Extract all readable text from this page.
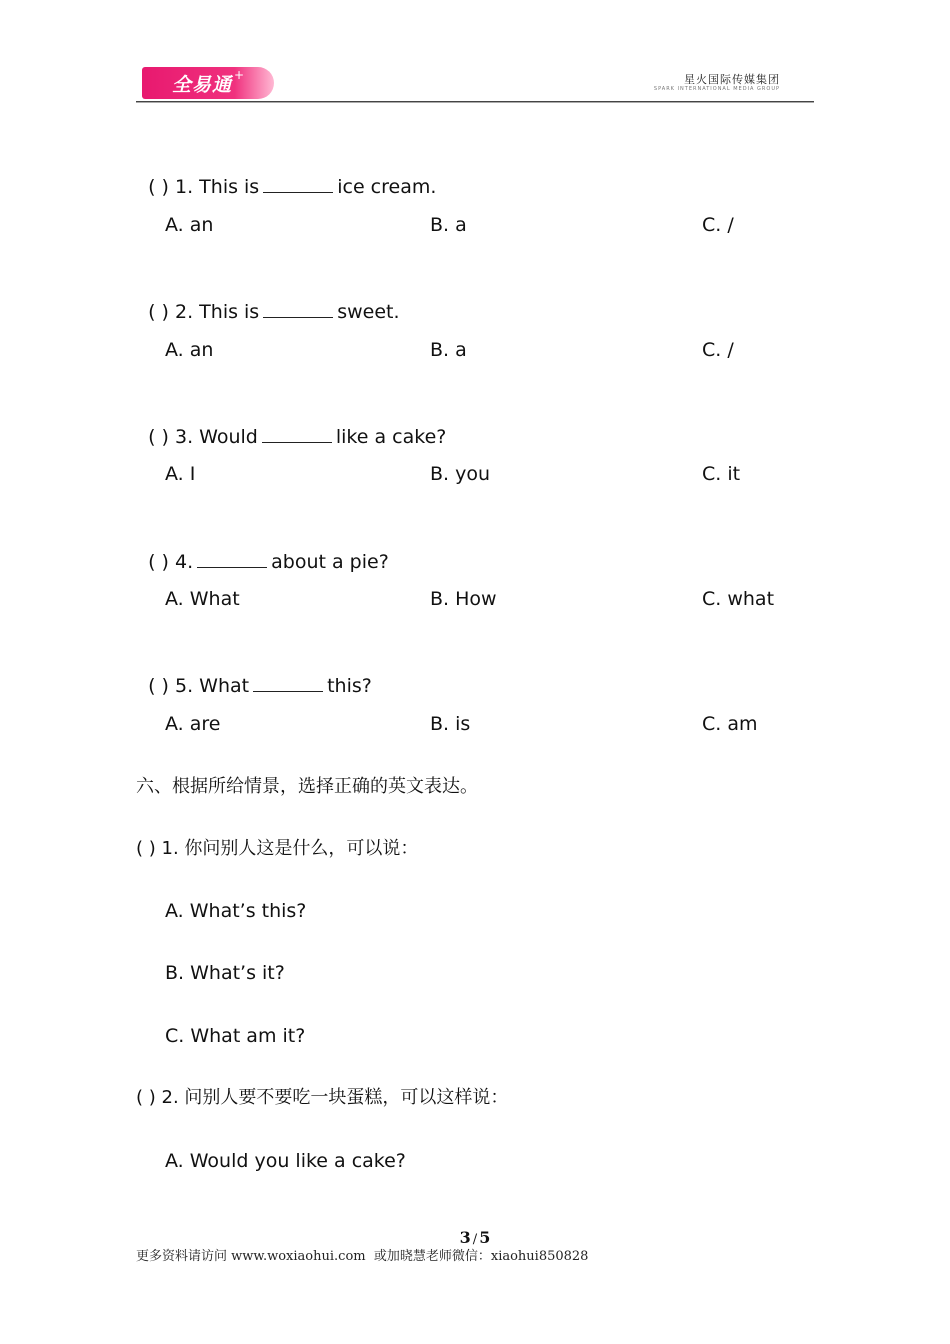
全易通 +	星火国际传媒集团
SPARK INTERNATIONAL MEDIA GROUP

( ) 1. This is	ice cream.

A. an	B. a	C. /

( ) 2. This is	sweet.

A. an	B. a	C. /

( ) 3. Would	like a cake?

A. I	B. you	C. it

( ) 4.	about a pie?

A. What	B. How	C. what

( ) 5. What	this?

A. are	B. is	C. am
六、根据所给情景，选择正确的英文表达。
( ) 1. 你问别人这是什么，可以说：
A. What’s this?
B. What’s it?
C. What am it?
( ) 2. 问别人要不要吃一块蛋糕，可以这样说：
A. Would you like a cake?
3 / 5
更多资料请访问 www.woxiaohui.com  或加晓慧老师微信：xiaohui850828
